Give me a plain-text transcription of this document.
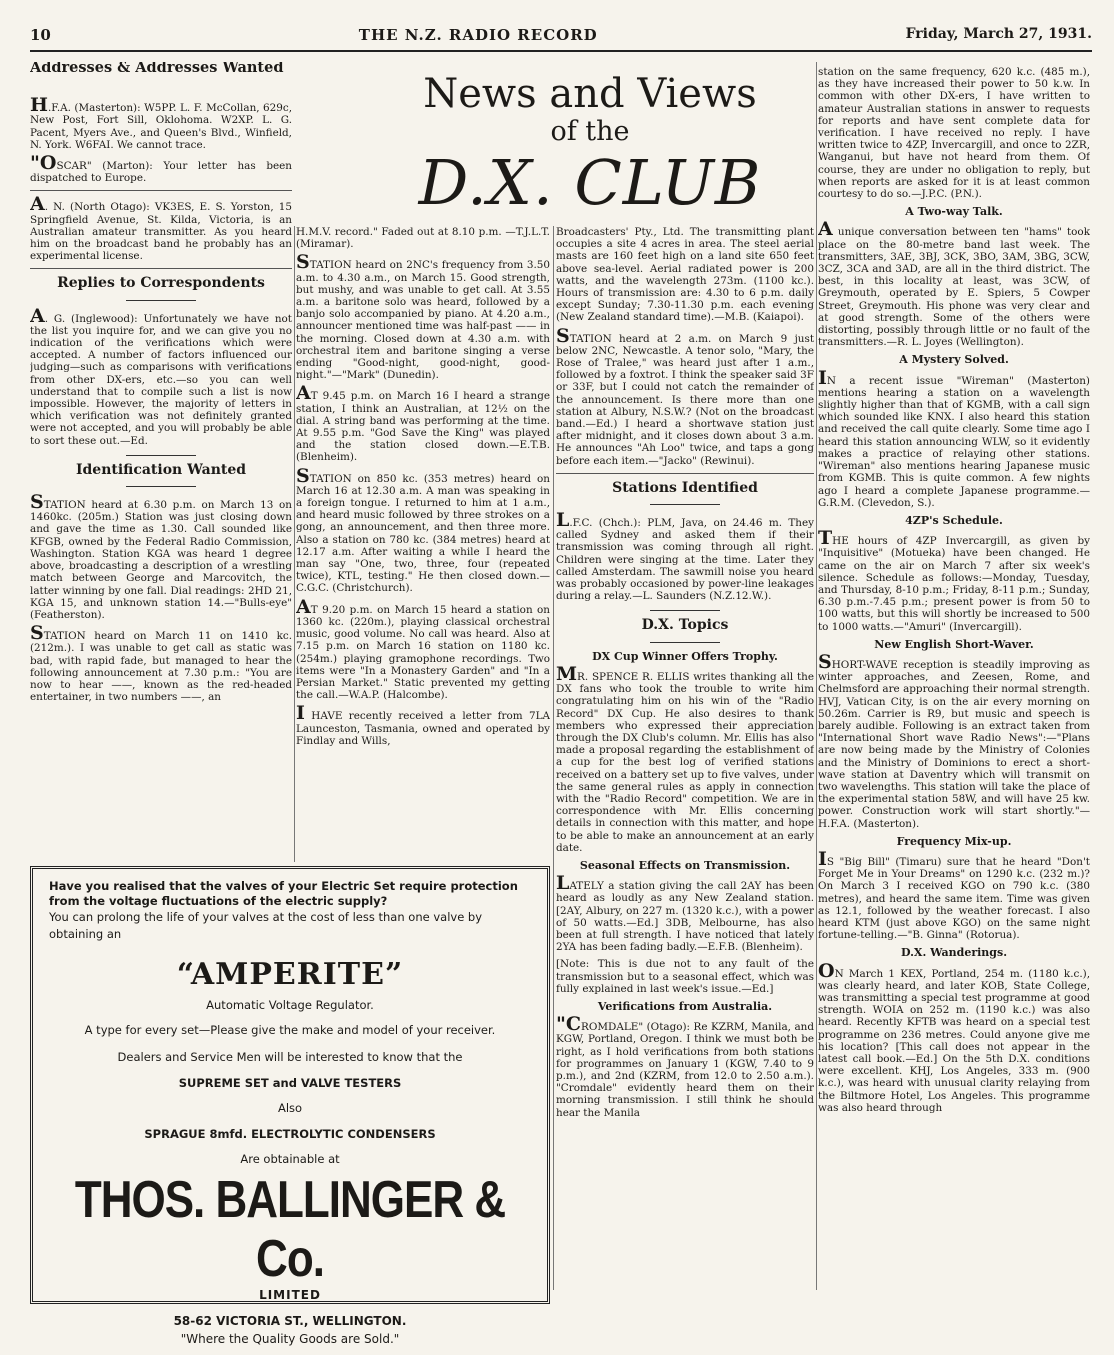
10	THE N.Z. RADIO RECORD	Friday, March 27, 1931.
News and Views
of the
D.X. CLUB
Addresses & Addresses Wanted

H.F.A. (Masterton): W5PP. L. F. McCollan, 629c, New Post, Fort Sill, Oklohoma. W2XP. L. G. Pacent, Myers Ave., and Queen's Blvd., Winfield, N. York. W6FAI. We cannot trace.

"OSCAR" (Marton): Your letter has been dispatched to Europe.

A. N. (North Otago): VK3ES, E. S. Yorston, 15 Springfield Avenue, St. Kilda, Victoria, is an Australian amateur transmitter. As you heard him on the broadcast band he probably has an experimental license.

Replies to Correspondents

A. G. (Inglewood): Unfortunately we have not the list you inquire for, and we can give you no indication of the verifications which were accepted. A number of factors influenced our judging—such as comparisons with verifications from other DX-ers, etc.—so you can well understand that to compile such a list is now impossible. However, the majority of letters in which verification was not definitely granted were not accepted, and you will probably be able to sort these out.—Ed.

Identification Wanted

STATION heard at 6.30 p.m. on March 13 on 1460kc. (205m.) Station was just closing down and gave the time as 1.30. Call sounded like KFGB, owned by the Federal Radio Commission, Washington. Station KGA was heard 1 degree above, broadcasting a description of a wrestling match between George and Marcovitch, the latter winning by one fall. Dial readings: 2HD 21, KGA 15, and unknown station 14.—"Bulls-eye" (Featherston).

STATION heard on March 11 on 1410 kc. (212m.). I was unable to get call as static was bad, with rapid fade, but managed to hear the following announcement at 7.30 p.m.: "You are now to hear ——, known as the red-headed entertainer, in two numbers ——, an

H.M.V. record." Faded out at 8.10 p.m. —T.J.L.T. (Miramar).

STATION heard on 2NC's frequency from 3.50 a.m. to 4.30 a.m., on March 15. Good strength, but mushy, and was unable to get call. At 3.55 a.m. a baritone solo was heard, followed by a banjo solo accompanied by piano. At 4.20 a.m., announcer mentioned time was half-past —— in the morning. Closed down at 4.30 a.m. with orchestral item and baritone singing a verse ending "Good-night, good-night, good-night."—"Mark" (Dunedin).

AT 9.45 p.m. on March 16 I heard a strange station, I think an Australian, at 12½ on the dial. A string band was performing at the time. At 9.55 p.m. "God Save the King" was played and the station closed down.—E.T.B. (Blenheim).

STATION on 850 kc. (353 metres) heard on March 16 at 12.30 a.m. A man was speaking in a foreign tongue. I returned to him at 1 a.m., and heard music followed by three strokes on a gong, an announcement, and then three more. Also a station on 780 kc. (384 metres) heard at 12.17 a.m. After waiting a while I heard the man say "One, two, three, four (repeated twice), KTL, testing." He then closed down.—C.G.C. (Christchurch).

AT 9.20 p.m. on March 15 heard a station on 1360 kc. (220m.), playing classical orchestral music, good volume. No call was heard. Also at 7.15 p.m. on March 16 station on 1180 kc. (254m.) playing gramophone recordings. Two items were "In a Monastery Garden" and "In a Persian Market." Static prevented my getting the call.—W.A.P. (Halcombe).

I HAVE recently received a letter from 7LA Launceston, Tasmania, owned and operated by Findlay and Wills,

Broadcasters' Pty., Ltd. The transmitting plant occupies a site 4 acres in area. The steel aerial masts are 160 feet high on a land site 650 feet above sea-level. Aerial radiated power is 200 watts, and the wavelength 273m. (1100 kc.). Hours of transmission are: 4.30 to 6 p.m. daily except Sunday; 7.30-11.30 p.m. each evening (New Zealand standard time).—M.B. (Kaiapoi).

STATION heard at 2 a.m. on March 9 just below 2NC, Newcastle. A tenor solo, "Mary, the Rose of Tralee," was heard just after 1 a.m., followed by a foxtrot. I think the speaker said 3F or 33F, but I could not catch the remainder of the announcement. Is there more than one station at Albury, N.S.W.? (Not on the broadcast band.—Ed.) I heard a shortwave station just after midnight, and it closes down about 3 a.m. He announces "Ah Loo" twice, and taps a gong before each item.—"Jacko" (Rewinui).

Stations Identified

L.F.C. (Chch.): PLM, Java, on 24.46 m. They called Sydney and asked them if their transmission was coming through all right. Children were singing at the time. Later they called Amsterdam. The sawmill noise you heard was probably occasioned by power-line leakages during a relay.—L. Saunders (N.Z.12.W.).

D.X. Topics
DX Cup Winner Offers Trophy.

MR. SPENCE R. ELLIS writes thanking all the DX fans who took the trouble to write him congratulating him on his win of the "Radio Record" DX Cup. He also desires to thank members who expressed their appreciation through the DX Club's column. Mr. Ellis has also made a proposal regarding the establishment of a cup for the best log of verified stations received on a battery set up to five valves, under the same general rules as apply in connection with the "Radio Record" competition. We are in correspondence with Mr. Ellis concerning details in connection with this matter, and hope to be able to make an announcement at an early date.

Seasonal Effects on Transmission.

LATELY a station giving the call 2AY has been heard as loudly as any New Zealand station. [2AY, Albury, on 227 m. (1320 k.c.), with a power of 50 watts.—Ed.] 3DB, Melbourne, has also been at full strength. I have noticed that lately 2YA has been fading badly.—E.F.B. (Blenheim).

[Note: This is due not to any fault of the transmission but to a seasonal effect, which was fully explained in last week's issue.—Ed.]

Verifications from Australia.

"CROMDALE" (Otago): Re KZRM, Manila, and KGW, Portland, Oregon. I think we must both be right, as I hold verifications from both stations for programmes on January 1 (KGW, 7.40 to 9 p.m.), and 2nd (KZRM, from 12.0 to 2.50 a.m.). "Cromdale" evidently heard them on their morning transmission. I still think he should hear the Manila

station on the same frequency, 620 k.c. (485 m.), as they have increased their power to 50 k.w. In common with other DX-ers, I have written to amateur Australian stations in answer to requests for reports and have sent complete data for verification. I have received no reply. I have written twice to 4ZP, Invercargill, and once to 2ZR, Wanganui, but have not heard from them. Of course, they are under no obligation to reply, but when reports are asked for it is at least common courtesy to do so.—J.P.C. (P.N.).

A Two-way Talk.

A unique conversation between ten "hams" took place on the 80-metre band last week. The transmitters, 3AE, 3BJ, 3CK, 3BO, 3AM, 3BG, 3CW, 3CZ, 3CA and 3AD, are all in the third district. The best, in this locality at least, was 3CW, of Greymouth, operated by E. Spiers, 5 Cowper Street, Greymouth. His phone was very clear and at good strength. Some of the others were distorting, possibly through little or no fault of the transmitters.—R. L. Joyes (Wellington).

A Mystery Solved.

IN a recent issue "Wireman" (Masterton) mentions hearing a station on a wavelength slightly higher than that of KGMB, with a call sign which sounded like KNX. I also heard this station and received the call quite clearly. Some time ago I heard this station announcing WLW, so it evidently makes a practice of relaying other stations. "Wireman" also mentions hearing Japanese music from KGMB. This is quite common. A few nights ago I heard a complete Japanese programme.—G.R.M. (Clevedon, S.).

4ZP's Schedule.

THE hours of 4ZP Invercargill, as given by "Inquisitive" (Motueka) have been changed. He came on the air on March 7 after six week's silence. Schedule as follows:—Monday, Tuesday, and Thursday, 8-10 p.m.; Friday, 8-11 p.m.; Sunday, 6.30 p.m.-7.45 p.m.; present power is from 50 to 100 watts, but this will shortly be increased to 500 to 1000 watts.—"Amuri" (Invercargill).

New English Short-Waver.

SHORT-WAVE reception is steadily improving as winter approaches, and Zeesen, Rome, and Chelmsford are approaching their normal strength. HVJ, Vatican City, is on the air every morning on 50.26m. Carrier is R9, but music and speech is barely audible. Following is an extract taken from "International Short wave Radio News":—"Plans are now being made by the Ministry of Colonies and the Ministry of Dominions to erect a short-wave station at Daventry which will transmit on two wavelengths. This station will take the place of the experimental station 58W, and will have 25 kw. power. Construction work will start shortly."—H.F.A. (Masterton).

Frequency Mix-up.

IS "Big Bill" (Timaru) sure that he heard "Don't Forget Me in Your Dreams" on 1290 k.c. (232 m.)? On March 3 I received KGO on 790 k.c. (380 metres), and heard the same item. Time was given as 12.1, followed by the weather forecast. I also heard KTM (just above KGO) on the same night fortune-telling.—"B. Ginna" (Rotorua).

D.X. Wanderings.

ON March 1 KEX, Portland, 254 m. (1180 k.c.), was clearly heard, and later KOB, State College, was transmitting a special test programme at good strength. WOIA on 252 m. (1190 k.c.) was also heard. Recently KFTB was heard on a special test programme on 236 metres. Could anyone give me his location? [This call does not appear in the latest call book.—Ed.] On the 5th D.X. conditions were excellent. KHJ, Los Angeles, 333 m. (900 k.c.), was heard with unusual clarity relaying from the Biltmore Hotel, Los Angeles. This programme was also heard through

Have you realised that the valves of your Electric Set require protection from the voltage fluctuations of the electric supply?

You can prolong the life of your valves at the cost of less than one valve by obtaining an

“AMPERITE”
Automatic Voltage Regulator.
A type for every set—Please give the make and model of your receiver.
Dealers and Service Men will be interested to know that the
SUPREME SET and VALVE TESTERS
Also
SPRAGUE 8mfd. ELECTROLYTIC CONDENSERS
Are obtainable at
THOS. BALLINGER & Co.
LIMITED
58-62 VICTORIA ST., WELLINGTON.
"Where the Quality Goods are Sold."
